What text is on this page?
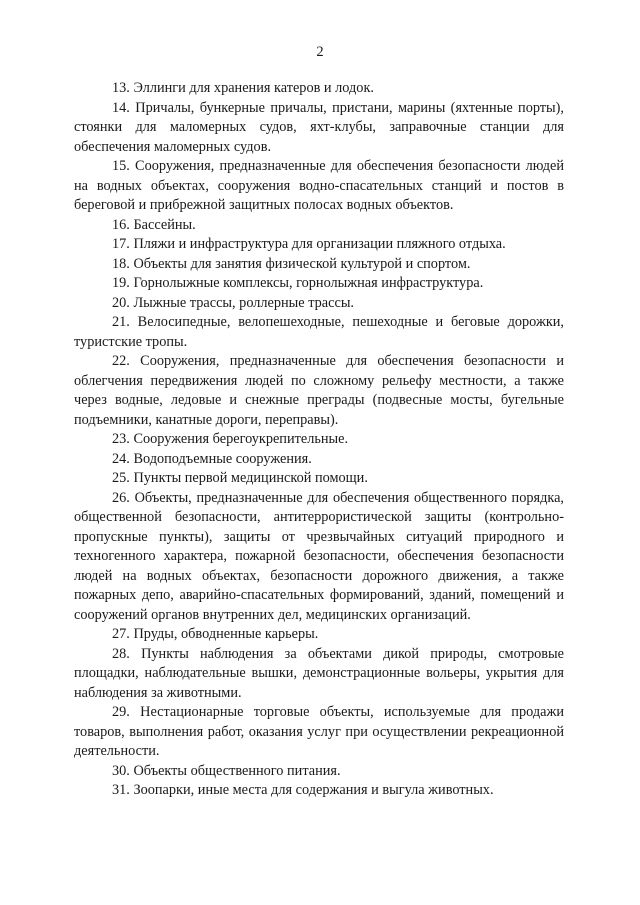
2

13. Эллинги для хранения катеров и лодок.

14. Причалы, бункерные причалы, пристани, марины (яхтенные порты), стоянки для маломерных судов, яхт-клубы, заправочные станции для обеспечения маломерных судов.

15. Сооружения, предназначенные для обеспечения безопасности людей на водных объектах, сооружения водно-спасательных станций и постов в береговой и прибрежной защитных полосах водных объектов.

16. Бассейны.

17. Пляжи и инфраструктура для организации пляжного отдыха.

18. Объекты для занятия физической культурой и спортом.

19. Горнолыжные комплексы, горнолыжная инфраструктура.

20. Лыжные трассы, роллерные трассы.

21. Велосипедные, велопешеходные, пешеходные и беговые дорожки, туристские тропы.

22. Сооружения, предназначенные для обеспечения безопасности и облегчения передвижения людей по сложному рельефу местности, а также через водные, ледовые и снежные преграды (подвесные мосты, бугельные подъемники, канатные дороги, переправы).

23. Сооружения берегоукрепительные.

24. Водоподъемные сооружения.

25. Пункты первой медицинской помощи.

26. Объекты, предназначенные для обеспечения общественного порядка, общественной безопасности, антитеррористической защиты (контрольно-пропускные пункты), защиты от чрезвычайных ситуаций природного и техногенного характера, пожарной безопасности, обеспечения безопасности людей на водных объектах, безопасности дорожного движения, а также пожарных депо, аварийно-спасательных формирований, зданий, помещений и сооружений органов внутренних дел, медицинских организаций.

27. Пруды, обводненные карьеры.

28. Пункты наблюдения за объектами дикой природы, смотровые площадки, наблюдательные вышки, демонстрационные вольеры, укрытия для наблюдения за животными.

29. Нестационарные торговые объекты, используемые для продажи товаров, выполнения работ, оказания услуг при осуществлении рекреационной деятельности.

30. Объекты общественного питания.

31. Зоопарки, иные места для содержания и выгула животных.
